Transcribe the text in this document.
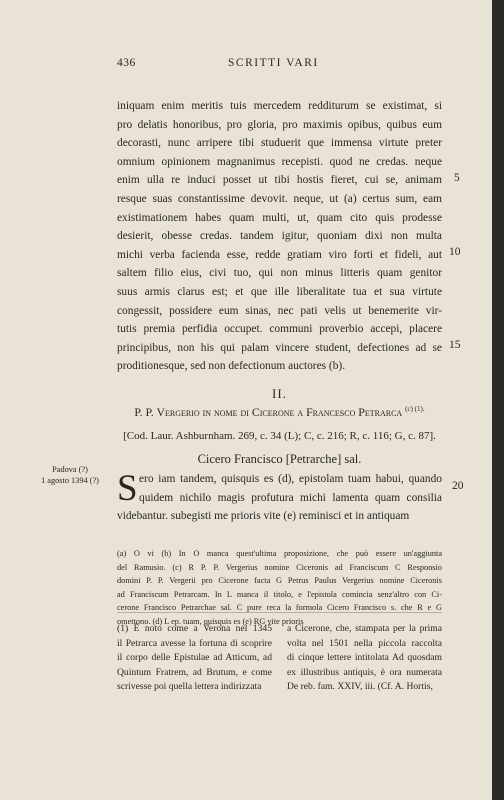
436	SCRITTI VARI
iniquam enim meritis tuis mercedem redditurum se existimat, si
pro delatis honoribus, pro gloria, pro maximis opibus, quibus eum
decorasti, nunc arripere tibi studuerit que immensa virtute preter
omnium opinionem magnanimus recepisti. quod ne credas. neque
enim ulla re induci posset ut tibi hostis fieret, cui se, animam
resque suas constantissime devovit. neque, ut (a) certus sum, eam
existimationem habes quam multi, ut, quam cito quis prodesse
desierit, obesse credas. tandem igitur, quoniam dixi non multa
michi verba facienda esse, redde gratiam viro forti et fideli, aut
saltem filio eius, civi tuo, qui non minus litteris quam genitor
suus armis clarus est; et que ille liberalitate tua et sua virtute
congessit, possidere eum sinas, nec pati velis ut benemerite vir-
tutis premia perfidia occupet. communi proverbio accepi, placere
principibus, non his qui palam vincere student, defectiones ad se
proditionesque, sed non defectionum auctores (b).
5
10
15
II.
P. P. Vergerio in nome di Cicerone a Francesco Petrarca $^{(c) (1).}$
[Cod. Laur. Ashburnham. 269, c. 34 (L); C, c. 216; R, c. 116; G, c. 87].
Cicero Francisco [Petrarche] sal.
Padova (?)
1 agosto 1394 (?) S ero iam tandem, quisquis es (d), epistolam tuam habui, quando
quidem nichilo magis profutura michi lamenta quam consilia
videbantur. subegisti me prioris vite (e) reminisci et in antiquam
20
(a) O vi (b) In O manca quest'ultima proposizione, che può essere un'aggiunta
del Ramusio. (c) R P. P. Vergerius nomine Ciceronis ad Franciscum C Responsio
domini P. P. Vergerii pro Cicerone facta G Petrus Paulus Vergerius nomine Ciceronis
ad Franciscum Petrarcam. In L manca il titolo, e l'epistola comincia senz'altro con Ci-
cerone Francisco Petrarchae sal. C pure reca la formola Cicero Francisco s. che R e G
omettono. (d) L ep. tuam, quisquis es (e) RG vite prioris
(1) È noto come a Verona nel 1345
il Petrarca avesse la fortuna di scoprire
il corpo delle Epistulae ad Atticum, ad
Quintum Fratrem, ad Brutum, e come
scrivesse poi quella lettera indirizzata
a Cicerone, che, stampata per la prima
volta nel 1501 nella piccola raccolta
di cinque lettere intitolata Ad quosdam
ex illustribus antiquis, è ora numerata
De reb. fam. XXIV, iii. (Cf. A. Hortis,
